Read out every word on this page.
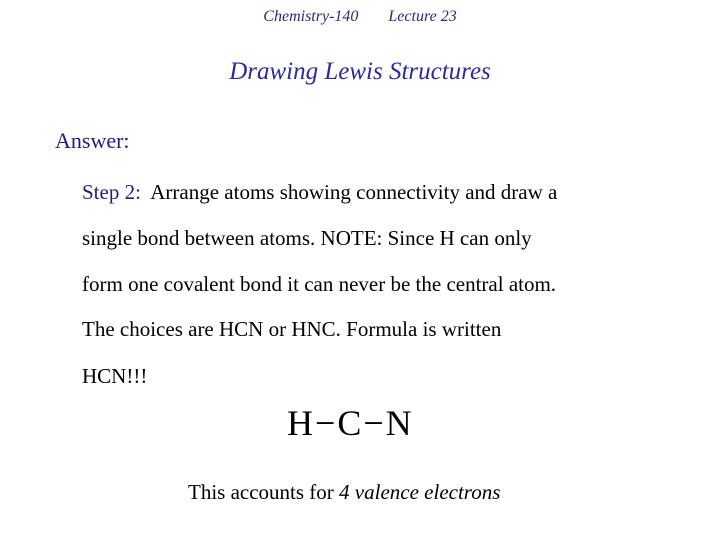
Chemistry-140 Lecture 23
Drawing Lewis Structures
Answer:
Step 2: Arrange atoms showing connectivity and draw a
single bond between atoms. NOTE: Since H can only
form one covalent bond it can never be the central atom.
The choices are HCN or HNC. Formula is written
HCN!!!
H−C−N
This accounts for 4 valence electrons
